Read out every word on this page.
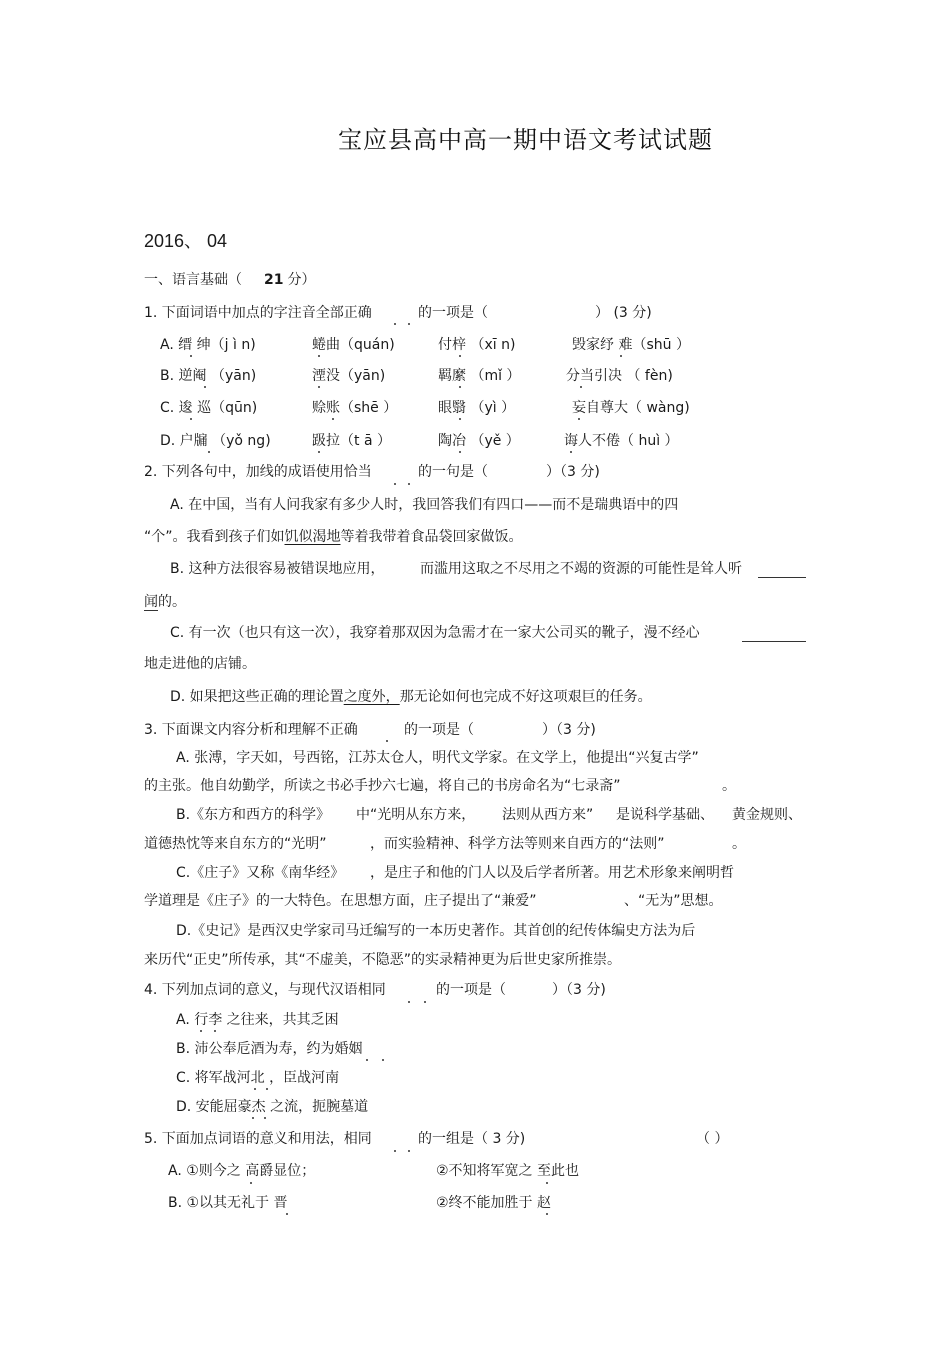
宝应县高中高一期中语文考试试题
2016、 04
一、语言基础（ 21 分）
1. 下面词语中加点的字注音全部正确	的一项是（	） (3 分)
A. 缙 绅（j ì n)	蜷曲（quán)	付梓 （xī n)	毁家纾 难（shū ）
B. 逆阉 （yān)	湮没（yān)	羁縻 （mǐ ）	分当引决 （ fèn)
C. 逡 巡（qūn)	赊账（shē ）	眼翳 （yì ）	妄自尊大（ wàng)
D. 户牖 （yǒ ng)	趿拉（t ā ）	陶冶 （yě ）	诲人不倦（ huì ）
2. 下列各句中，加线的成语使用恰当	的一句是（	）（3 分)
A. 在中国，当有人问我家有多少人时，我回答我们有四口——而不是瑞典语中的四
“个”。我看到孩子们如饥似渴地等着我带着食品袋回家做饭。
B. 这种方法很容易被错误地应用，	而滥用这取之不尽用之不竭的资源的可能性是耸人听
闻的。
C. 有一次（也只有这一次），我穿着那双因为急需才在一家大公司买的靴子，漫不经心
地走进他的店铺。
D. 如果把这些正确的理论置之度外，那无论如何也完成不好这项艰巨的任务。
3. 下面课文内容分析和理解不正确	的一项是（	）（3 分)
A. 张溥，字天如，号西铭，江苏太仓人，明代文学家。在文学上，他提出“兴复古学”
的主张。他自幼勤学，所读之书必手抄六七遍，将自己的书房命名为“七录斋”	。
B.《东方和西方的科学》 中“光明从东方来， 法则从西方来” 是说科学基础、 黄金规则、
道德热忱等来自东方的“光明”	，而实验精神、科学方法等则来自西方的“法则”	。
C.《庄子》又称《南华经》 ，是庄子和他的门人以及后学者所著。用艺术形象来阐明哲
学道理是《庄子》的一大特色。在思想方面，庄子提出了“兼爱”	、“无为”思想。
D.《史记》是西汉史学家司马迁编写的一本历史著作。其首创的纪传体编史方法为后
来历代“正史”所传承，其“不虚美，不隐恶”的实录精神更为后世史家所推崇。
4. 下列加点词的意义，与现代汉语相同	的一项是（	）（3 分)
A. 行李 之往来，共其乏困
B. 沛公奉卮酒为寿，约为婚姻
C. 将军战河北 ，臣战河南
D. 安能屈豪杰 之流，扼腕墓道
5. 下面加点词语的意义和用法，相同	的一组是（ 3 分)	（ ）
A. ①则今之 高爵显位；	②不知将军宽之 至此也
B. ①以其无礼于 晋	②终不能加胜于 赵
